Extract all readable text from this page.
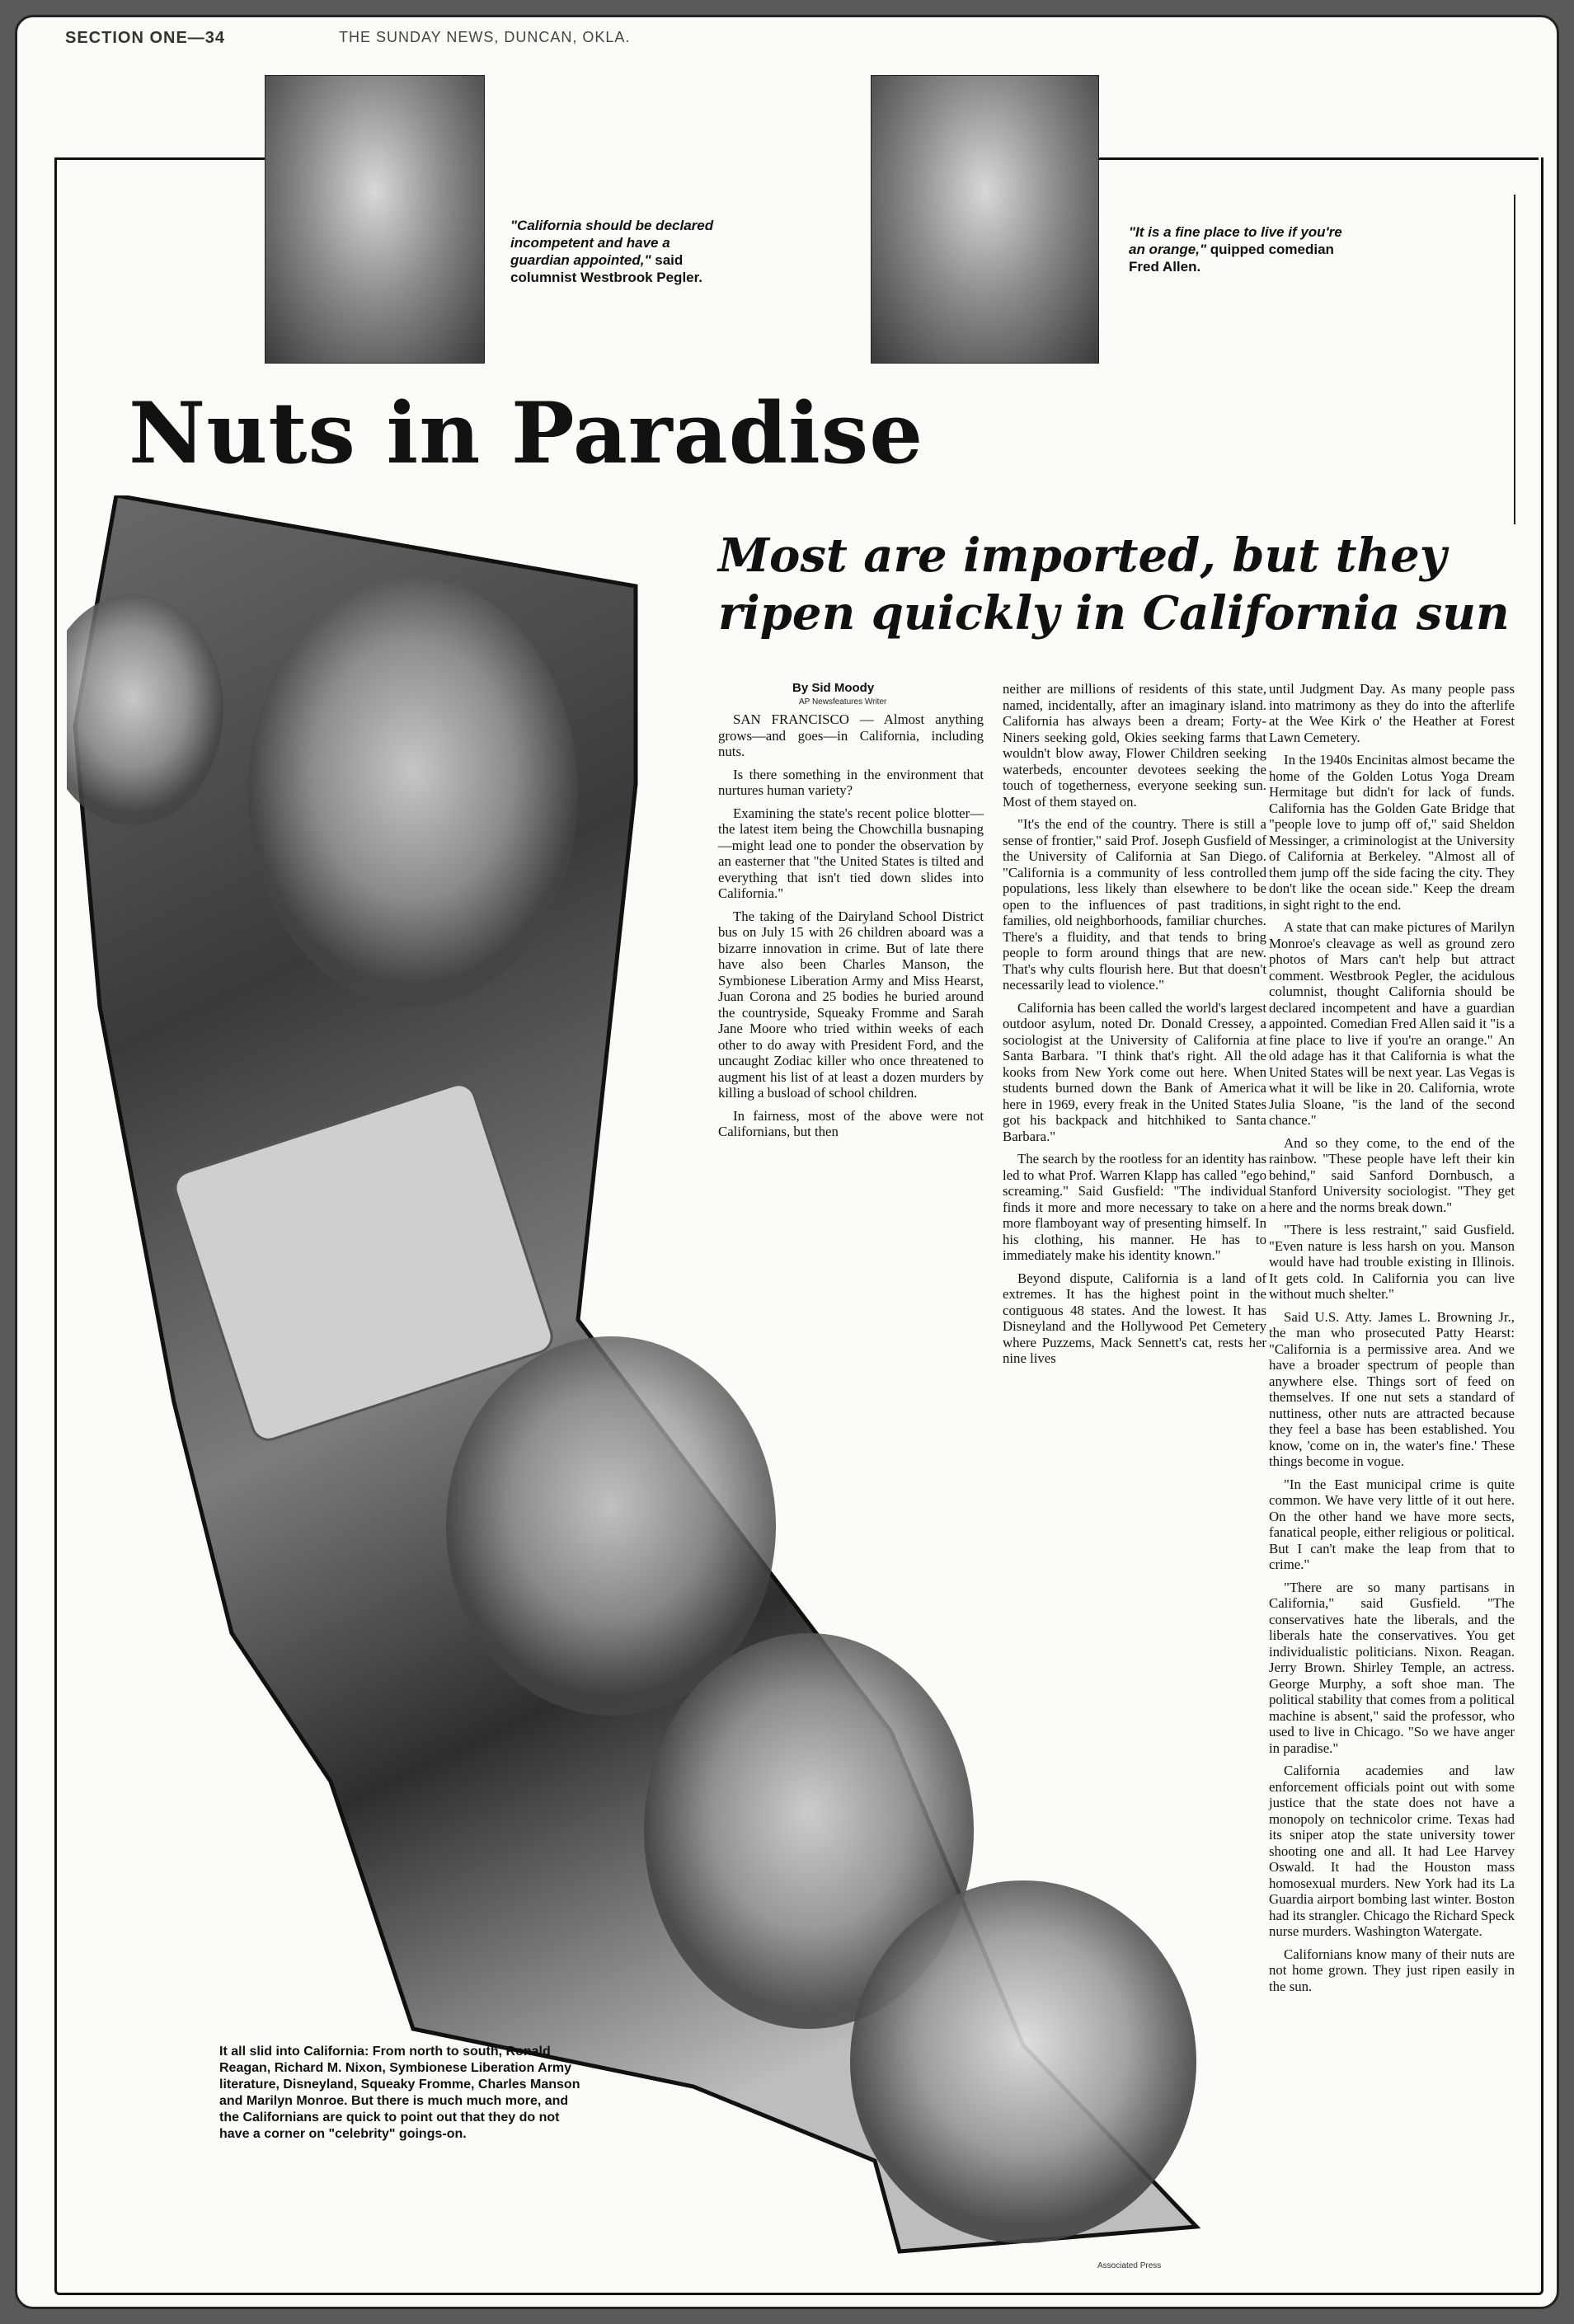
SECTION ONE—34	THE SUNDAY NEWS, DUNCAN, OKLA.
"California should be declared incompetent and have a guardian appointed," said columnist Westbrook Pegler.
"It is a fine place to live if you're an orange," quipped comedian Fred Allen.
Nuts in Paradise
Most are imported, but they
ripen quickly in California sun
By Sid Moody
AP Newsfeatures Writer

SAN FRANCISCO — Almost anything grows—and goes—in California, including nuts.

Is there something in the environment that nurtures human variety?

Examining the state's recent police blotter—the latest item being the Chowchilla busnaping—might lead one to ponder the observation by an easterner that "the United States is tilted and everything that isn't tied down slides into California."

The taking of the Dairyland School District bus on July 15 with 26 children aboard was a bizarre innovation in crime. But of late there have also been Charles Manson, the Symbionese Liberation Army and Miss Hearst, Juan Corona and 25 bodies he buried around the countryside, Squeaky Fromme and Sarah Jane Moore who tried within weeks of each other to do away with President Ford, and the uncaught Zodiac killer who once threatened to augment his list of at least a dozen murders by killing a busload of school children.

In fairness, most of the above were not Californians, but then

neither are millions of residents of this state, named, incidentally, after an imaginary island. California has always been a dream; Forty-Niners seeking gold, Okies seeking farms that wouldn't blow away, Flower Children seeking waterbeds, encounter devotees seeking the touch of togetherness, everyone seeking sun. Most of them stayed on.

"It's the end of the country. There is still a sense of frontier," said Prof. Joseph Gusfield of the University of California at San Diego. "California is a community of less controlled populations, less likely than elsewhere to be open to the influences of past traditions, families, old neighborhoods, familiar churches. There's a fluidity, and that tends to bring people to form around things that are new. That's why cults flourish here. But that doesn't necessarily lead to violence."

California has been called the world's largest outdoor asylum, noted Dr. Donald Cressey, a sociologist at the University of California at Santa Barbara. "I think that's right. All the kooks from New York come out here. When students burned down the Bank of America here in 1969, every freak in the United States got his backpack and hitchhiked to Santa Barbara."

The search by the rootless for an identity has led to what Prof. Warren Klapp has called "ego screaming." Said Gusfield: "The individual finds it more and more necessary to take on a more flamboyant way of presenting himself. In his clothing, his manner. He has to immediately make his identity known."

Beyond dispute, California is a land of extremes. It has the highest point in the contiguous 48 states. And the lowest. It has Disneyland and the Hollywood Pet Cemetery where Puzzems, Mack Sennett's cat, rests her nine lives

until Judgment Day. As many people pass into matrimony as they do into the afterlife at the Wee Kirk o' the Heather at Forest Lawn Cemetery.

In the 1940s Encinitas almost became the home of the Golden Lotus Yoga Dream Hermitage but didn't for lack of funds. California has the Golden Gate Bridge that "people love to jump off of," said Sheldon Messinger, a criminologist at the University of California at Berkeley. "Almost all of them jump off the side facing the city. They don't like the ocean side." Keep the dream in sight right to the end.

A state that can make pictures of Marilyn Monroe's cleavage as well as ground zero photos of Mars can't help but attract comment. Westbrook Pegler, the acidulous columnist, thought California should be declared incompetent and have a guardian appointed. Comedian Fred Allen said it "is a fine place to live if you're an orange." An old adage has it that California is what the United States will be next year. Las Vegas is what it will be like in 20. California, wrote Julia Sloane, "is the land of the second chance."

And so they come, to the end of the rainbow. "These people have left their kin behind," said Sanford Dornbusch, a Stanford University sociologist. "They get here and the norms break down."

"There is less restraint," said Gusfield. "Even nature is less harsh on you. Manson would have had trouble existing in Illinois. It gets cold. In California you can live without much shelter."

Said U.S. Atty. James L. Browning Jr., the man who prosecuted Patty Hearst: "California is a permissive area. And we have a broader spectrum of people than anywhere else. Things sort of feed on themselves. If one nut sets a standard of nuttiness, other nuts are attracted because they feel a base has been established. You know, 'come on in, the water's fine.' These things become in vogue.

"In the East municipal crime is quite common. We have very little of it out here. On the other hand we have more sects, fanatical people, either religious or political. But I can't make the leap from that to crime."

"There are so many partisans in California," said Gusfield. "The conservatives hate the liberals, and the liberals hate the conservatives. You get individualistic politicians. Nixon. Reagan. Jerry Brown. Shirley Temple, an actress. George Murphy, a soft shoe man. The political stability that comes from a political machine is absent," said the professor, who used to live in Chicago. "So we have anger in paradise."

California academies and law enforcement officials point out with some justice that the state does not have a monopoly on technicolor crime. Texas had its sniper atop the state university tower shooting one and all. It had Lee Harvey Oswald. It had the Houston mass homosexual murders. New York had its La Guardia airport bombing last winter. Boston had its strangler. Chicago the Richard Speck nurse murders. Washington Watergate.

Californians know many of their nuts are not home grown. They just ripen easily in the sun.

It all slid into California: From north to south, Ronald Reagan, Richard M. Nixon, Symbionese Liberation Army literature, Disneyland, Squeaky Fromme, Charles Manson and Marilyn Monroe. But there is much much more, and the Californians are quick to point out that they do not have a corner on "celebrity" goings-on.
Associated Press
